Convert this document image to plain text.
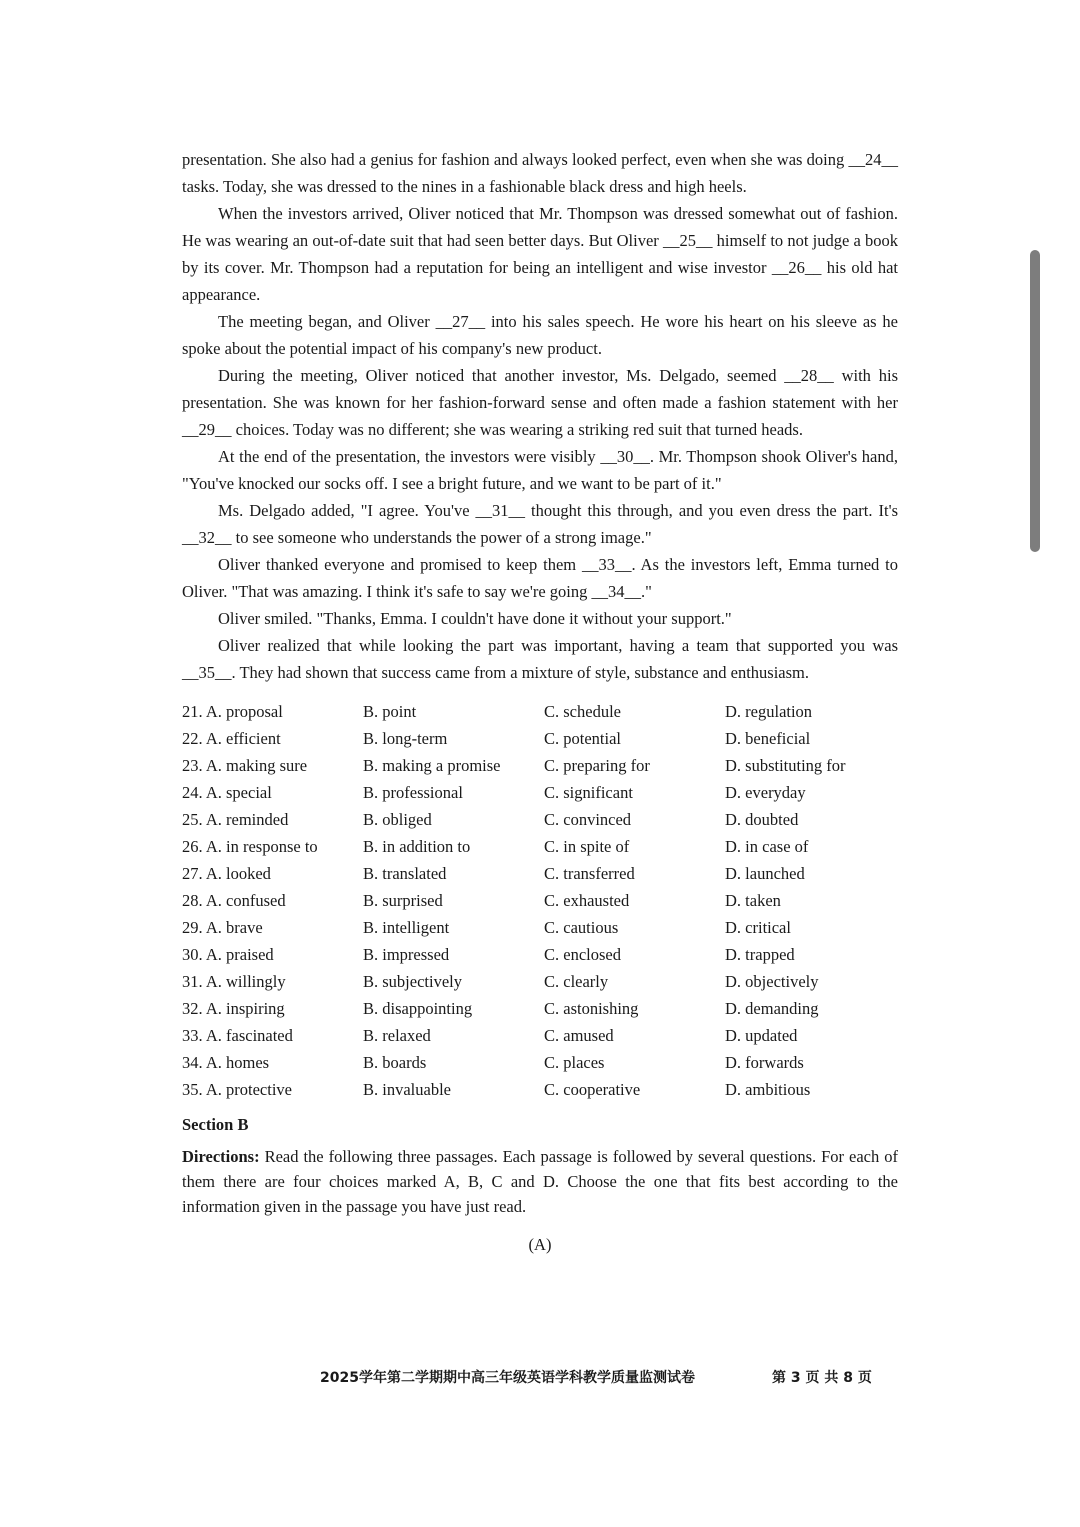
presentation. She also had a genius for fashion and always looked perfect, even when she was doing __24__ tasks. Today, she was dressed to the nines in a fashionable black dress and high heels.

When the investors arrived, Oliver noticed that Mr. Thompson was dressed somewhat out of fashion. He was wearing an out-of-date suit that had seen better days. But Oliver __25__ himself to not judge a book by its cover. Mr. Thompson had a reputation for being an intelligent and wise investor __26__ his old hat appearance.

The meeting began, and Oliver __27__ into his sales speech. He wore his heart on his sleeve as he spoke about the potential impact of his company's new product.

During the meeting, Oliver noticed that another investor, Ms. Delgado, seemed __28__ with his presentation. She was known for her fashion-forward sense and often made a fashion statement with her __29__ choices. Today was no different; she was wearing a striking red suit that turned heads.

At the end of the presentation, the investors were visibly __30__. Mr. Thompson shook Oliver's hand, "You've knocked our socks off. I see a bright future, and we want to be part of it."

Ms. Delgado added, "I agree. You've __31__ thought this through, and you even dress the part. It's __32__ to see someone who understands the power of a strong image."

Oliver thanked everyone and promised to keep them __33__. As the investors left, Emma turned to Oliver. "That was amazing. I think it's safe to say we're going __34__."

Oliver smiled. "Thanks, Emma. I couldn't have done it without your support."

Oliver realized that while looking the part was important, having a team that supported you was __35__. They had shown that success came from a mixture of style, substance and enthusiasm.

21. A. proposal	B. point	C. schedule	D. regulation
22. A. efficient	B. long-term	C. potential	D. beneficial
23. A. making sure	B. making a promise	C. preparing for	D. substituting for
24. A. special	B. professional	C. significant	D. everyday
25. A. reminded	B. obliged	C. convinced	D. doubted
26. A. in response to	B. in addition to	C. in spite of	D. in case of
27. A. looked	B. translated	C. transferred	D. launched
28. A. confused	B. surprised	C. exhausted	D. taken
29. A. brave	B. intelligent	C. cautious	D. critical
30. A. praised	B. impressed	C. enclosed	D. trapped
31. A. willingly	B. subjectively	C. clearly	D. objectively
32. A. inspiring	B. disappointing	C. astonishing	D. demanding
33. A. fascinated	B. relaxed	C. amused	D. updated
34. A. homes	B. boards	C. places	D. forwards
35. A. protective	B. invaluable	C. cooperative	D. ambitious
Section B
Directions: Read the following three passages. Each passage is followed by several questions. For each of them there are four choices marked A, B, C and D. Choose the one that fits best according to the information given in the passage you have just read.
(A)
2025学年第二学期期中高三年级英语学科教学质量监测试卷	第 3 页 共 8 页
